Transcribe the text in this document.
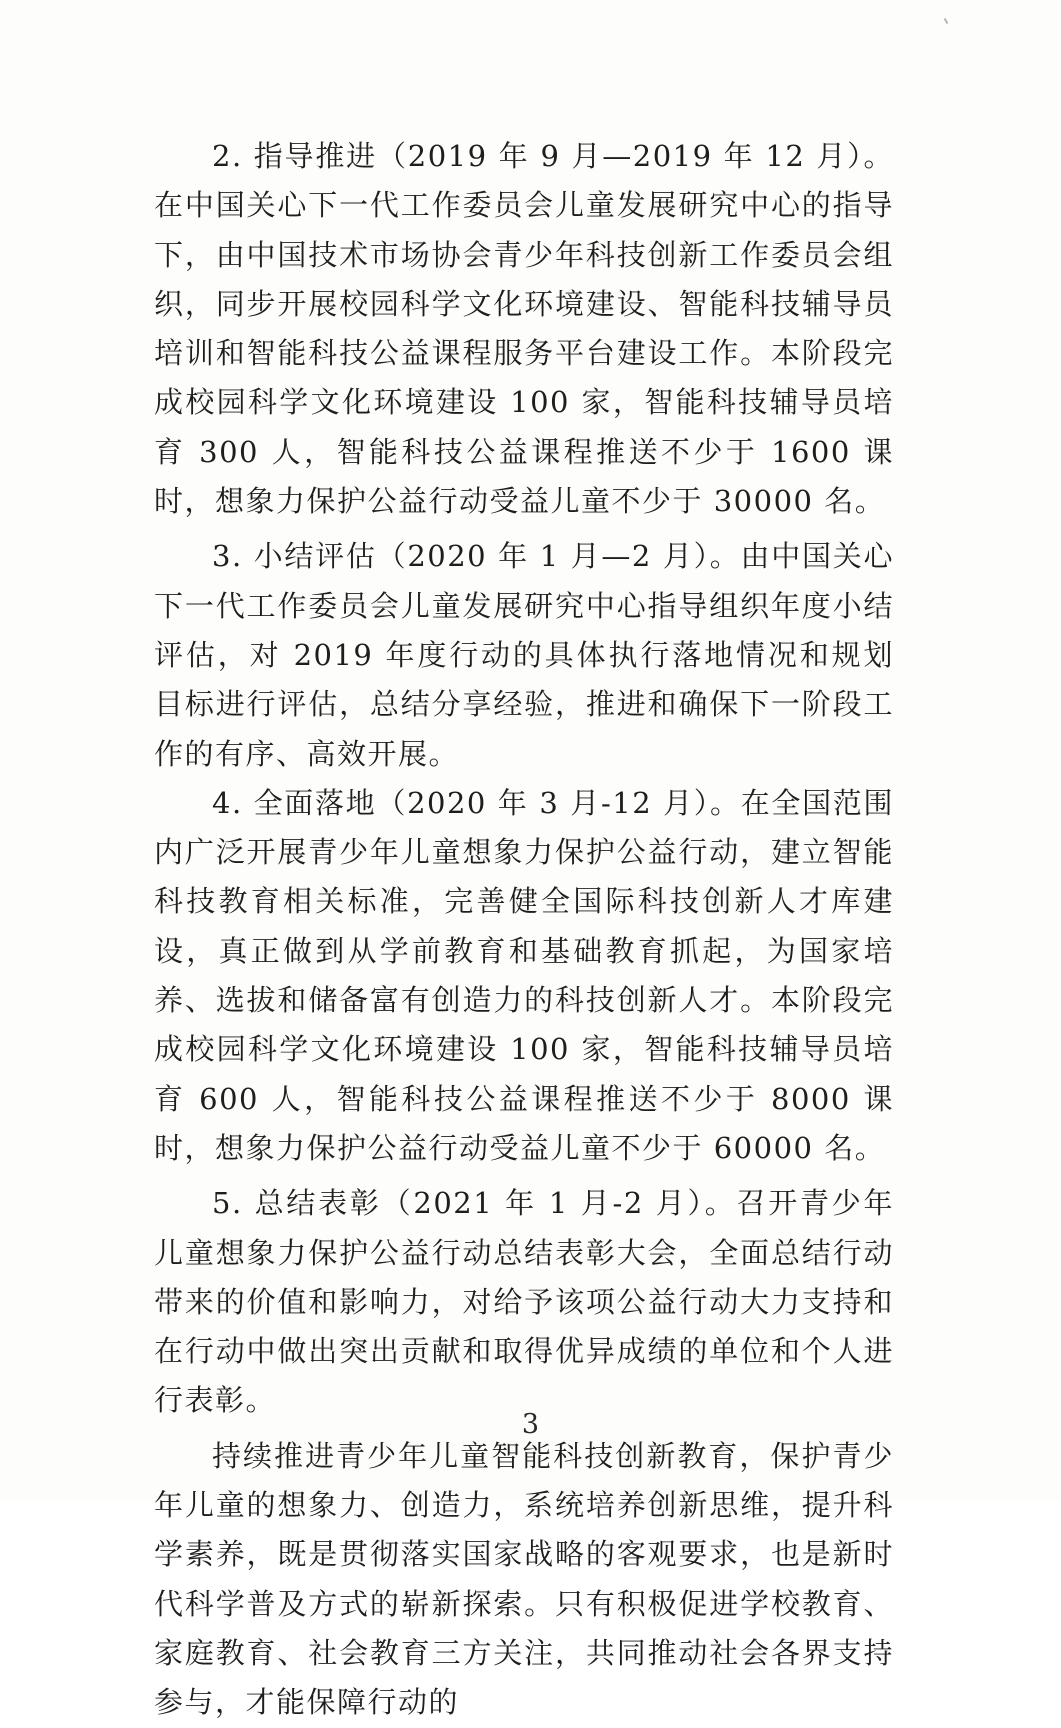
2. 指导推进（2019 年 9 月—2019 年 12 月）。在中国关心下一代工作委员会儿童发展研究中心的指导下，由中国技术市场协会青少年科技创新工作委员会组织，同步开展校园科学文化环境建设、智能科技辅导员培训和智能科技公益课程服务平台建设工作。本阶段完成校园科学文化环境建设 100 家，智能科技辅导员培育 300 人，智能科技公益课程推送不少于 1600 课时，想象力保护公益行动受益儿童不少于 30000 名。

3. 小结评估（2020 年 1 月—2 月）。由中国关心下一代工作委员会儿童发展研究中心指导组织年度小结评估，对 2019 年度行动的具体执行落地情况和规划目标进行评估，总结分享经验，推进和确保下一阶段工作的有序、高效开展。

4. 全面落地（2020 年 3 月-12 月）。在全国范围内广泛开展青少年儿童想象力保护公益行动，建立智能科技教育相关标准，完善健全国际科技创新人才库建设，真正做到从学前教育和基础教育抓起，为国家培养、选拔和储备富有创造力的科技创新人才。本阶段完成校园科学文化环境建设 100 家，智能科技辅导员培育 600 人，智能科技公益课程推送不少于 8000 课时，想象力保护公益行动受益儿童不少于 60000 名。

5. 总结表彰（2021 年 1 月-2 月）。召开青少年儿童想象力保护公益行动总结表彰大会，全面总结行动带来的价值和影响力，对给予该项公益行动大力支持和在行动中做出突出贡献和取得优异成绩的单位和个人进行表彰。

持续推进青少年儿童智能科技创新教育，保护青少年儿童的想象力、创造力，系统培养创新思维，提升科学素养，既是贯彻落实国家战略的客观要求，也是新时代科学普及方式的崭新探索。只有积极促进学校教育、家庭教育、社会教育三方关注，共同推动社会各界支持参与，才能保障行动的

3
